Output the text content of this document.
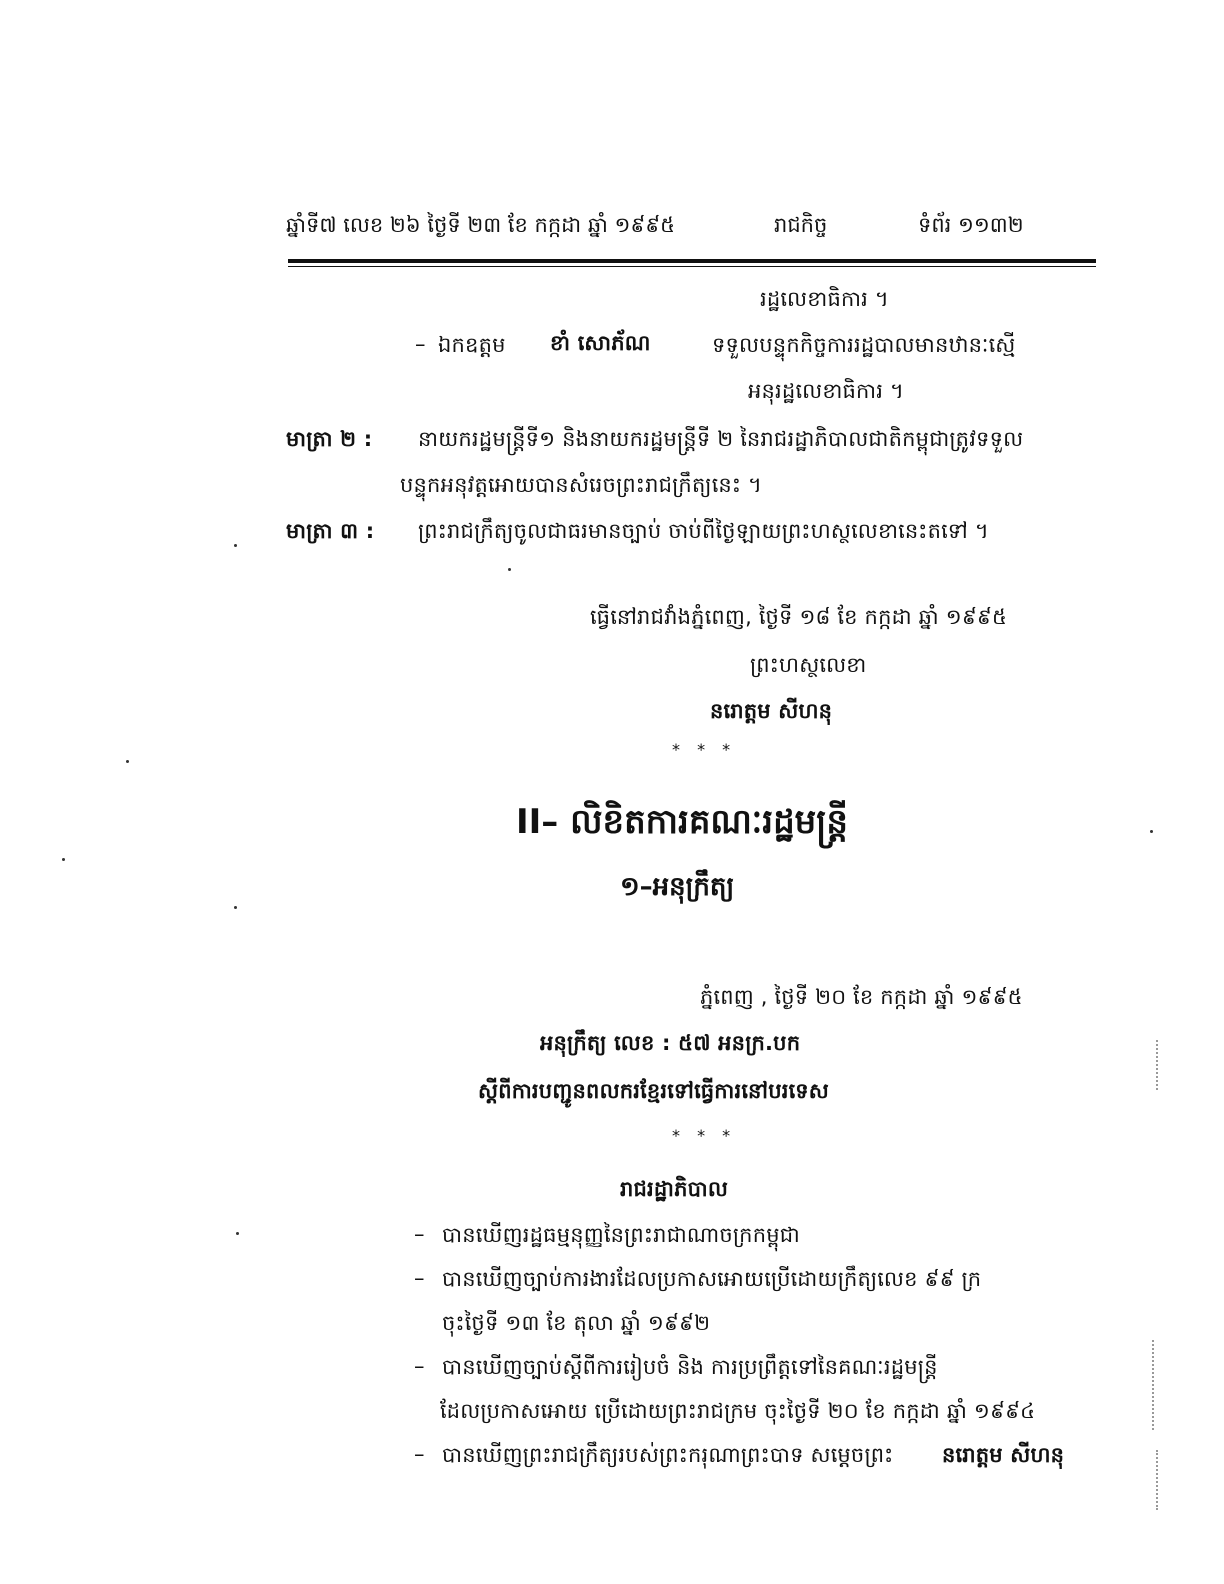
ឆ្នាំទី៧ លេខ ២៦ ថ្ងៃទី ២៣ ខែ កក្កដា ឆ្នាំ ១៩៩៥	រាជកិច្ច	ទំព័រ ១១៣២
រដ្ឋលេខាធិការ ។
– ឯកឧត្តម ខាំ សោភ័ណ	ទទួលបន្ទុកកិច្ចការរដ្ឋបាលមានឋានៈស្មើ
អនុរដ្ឋលេខាធិការ ។
មាត្រា ២ : នាយករដ្ឋមន្ត្រីទី១ និងនាយករដ្ឋមន្ត្រីទី ២ នៃរាជរដ្ឋាភិបាលជាតិកម្ពុជាត្រូវទទួល
បន្ទុកអនុវត្តអោយបានសំរេចព្រះរាជក្រឹត្យនេះ ។
មាត្រា ៣ : ព្រះរាជក្រឹត្យចូលជាធរមានច្បាប់ ចាប់ពីថ្ងៃឡាយព្រះហស្ថលេខានេះតទៅ ។
ធ្វើនៅរាជវាំងភ្នំពេញ, ថ្ងៃទី ១៨ ខែ កក្កដា ឆ្នាំ ១៩៩៥
ព្រះហស្ថលេខា
នរោត្តម សីហនុ
* * *
II– លិខិតការគណៈរដ្ឋមន្ត្រី
១–អនុក្រឹត្យ
ភ្នំពេញ , ថ្ងៃទី ២០ ខែ កក្កដា ឆ្នាំ ១៩៩៥
អនុក្រឹត្យ លេខ : ៥៧ អនក្រ.បក
ស្តីពីការបញ្ជូនពលករខ្មែរទៅធ្វើការនៅបរទេស
* * *
រាជរដ្ឋាភិបាល
– បានឃើញរដ្ឋធម្មនុញ្ញនៃព្រះរាជាណាចក្រកម្ពុជា
– បានឃើញច្បាប់ការងារដែលប្រកាសអោយប្រើដោយក្រឹត្យលេខ ៩៩ ក្រ
ចុះថ្ងៃទី ១៣ ខែ តុលា ឆ្នាំ ១៩៩២
– បានឃើញច្បាប់ស្តីពីការរៀបចំ និង ការប្រព្រឹត្តទៅនៃគណៈរដ្ឋមន្ត្រី
ដែលប្រកាសអោយ ប្រើដោយព្រះរាជក្រម ចុះថ្ងៃទី ២០ ខែ កក្កដា ឆ្នាំ ១៩៩៤
– បានឃើញព្រះរាជក្រឹត្យរបស់ព្រះករុណាព្រះបាទ សម្តេចព្រះ នរោត្តម សីហនុ
